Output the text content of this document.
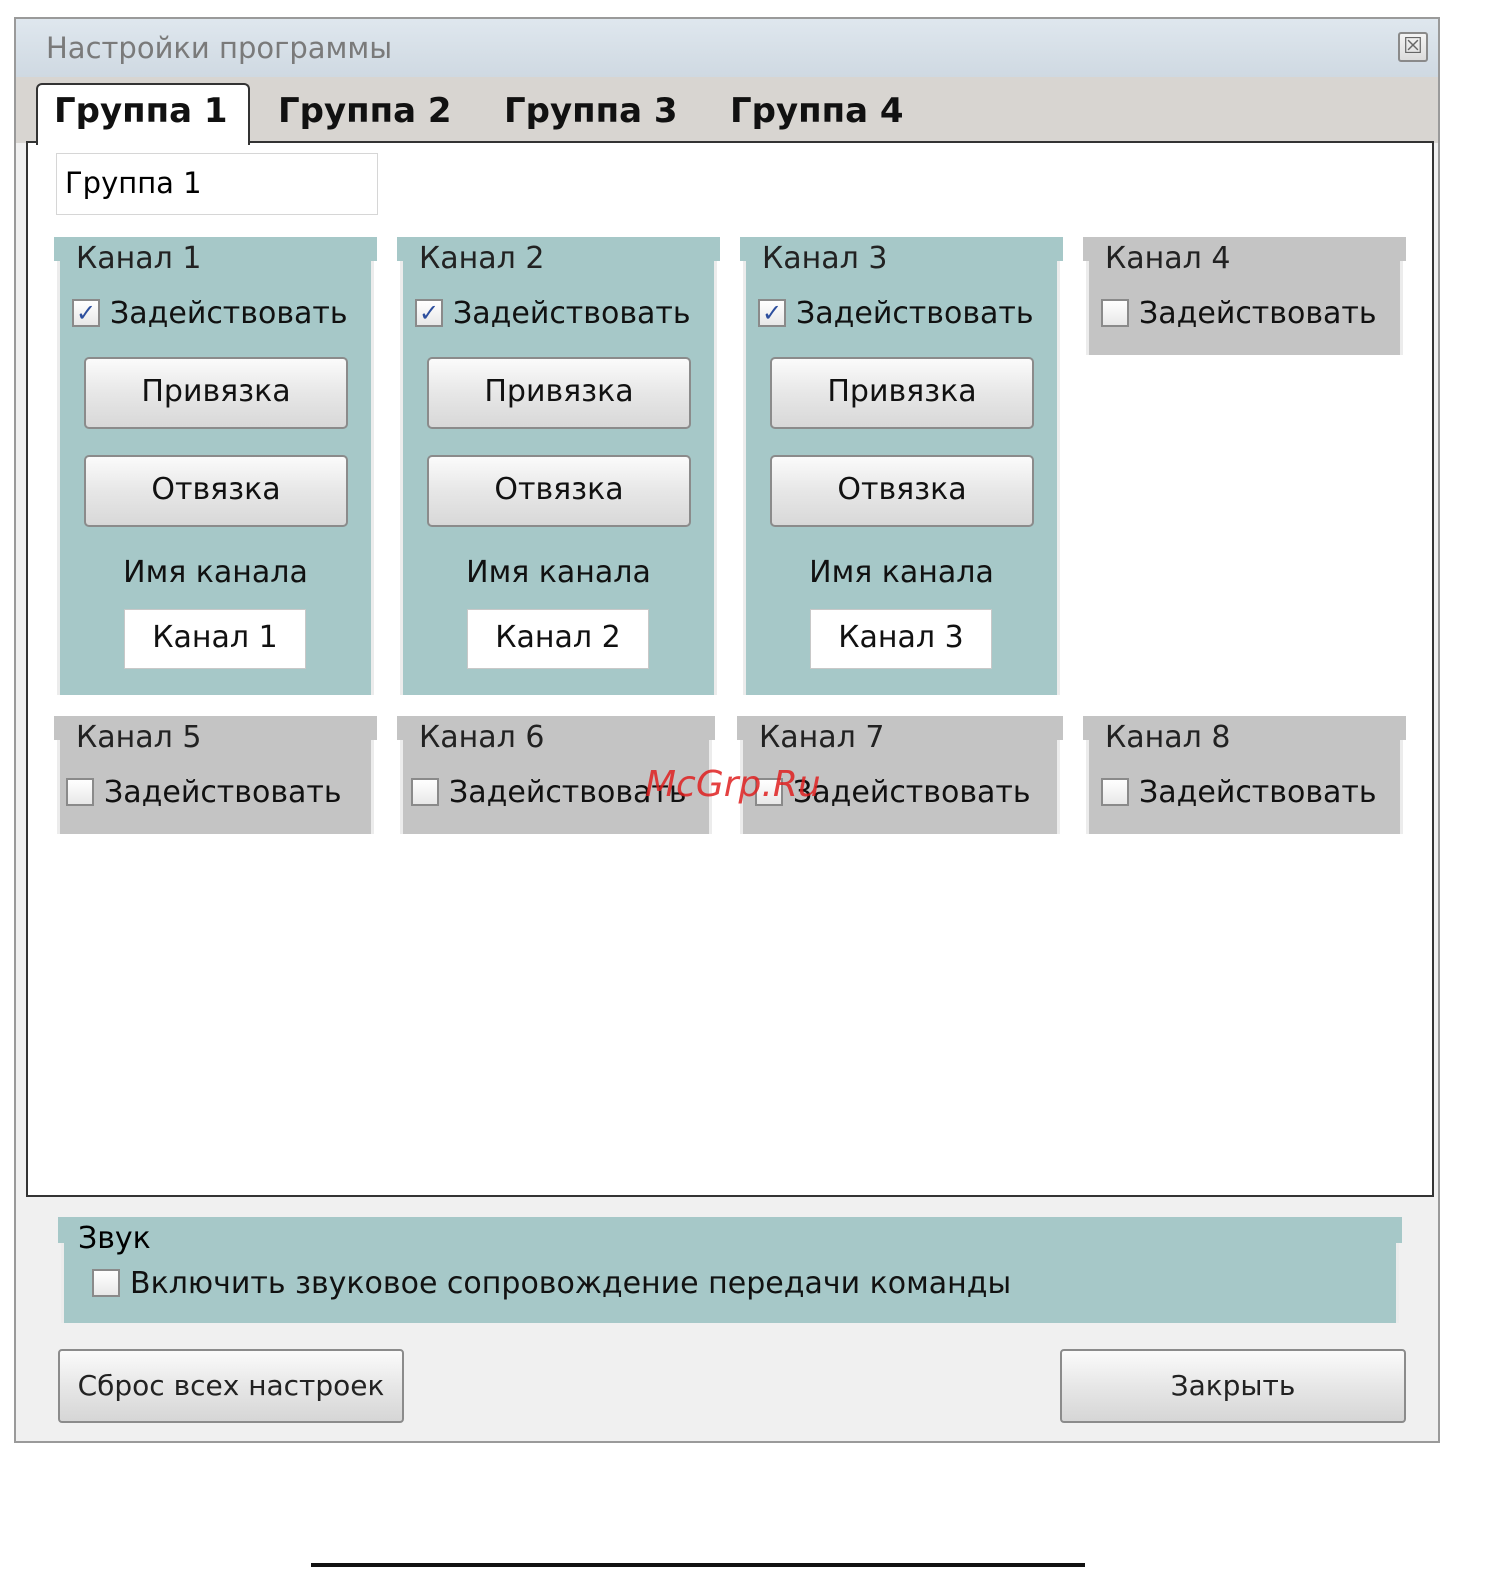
Настройки программы	☒
Группа 1	Группа 2	Группа 3	Группа 4
Группа 1
Канал 1
✓ Задействовать
Привязка
Отвязка
Имя канала
Канал 1
Канал 2
✓ Задействовать
Привязка
Отвязка
Имя канала
Канал 2
Канал 3
✓ Задействовать
Привязка
Отвязка
Имя канала
Канал 3
Канал 4
Задействовать
Канал 5
Задействовать
Канал 6
Задействовать
Канал 7
Задействовать
Канал 8
Задействовать
Звук
Включить звуковое сопровождение передачи команды
Сброс всех настроек	Закрыть
McGrp.Ru
